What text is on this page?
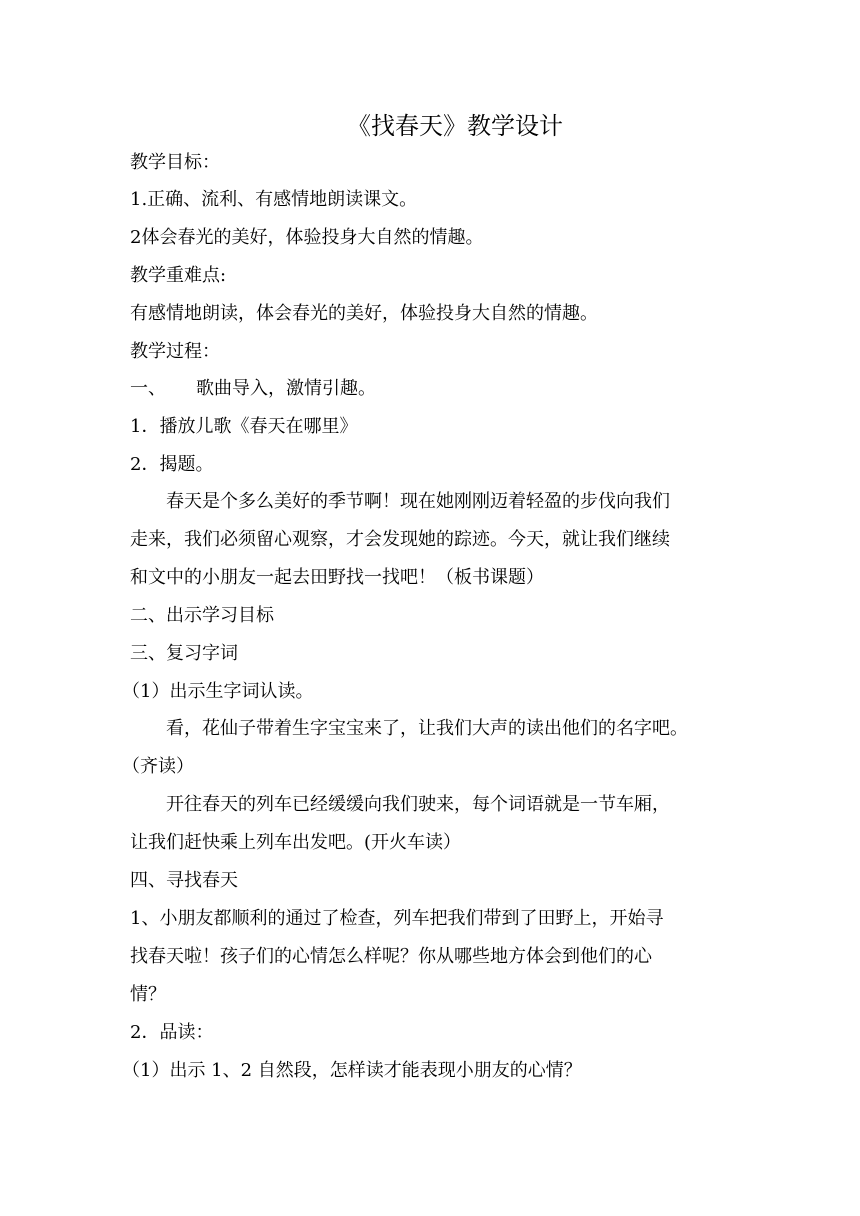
《找春天》教学设计
教学目标：
1.正确、流利、有感情地朗读课文。
2体会春光的美好，体验投身大自然的情趣。
教学重难点:
有感情地朗读，体会春光的美好，体验投身大自然的情趣。
教学过程：
一、 歌曲导入，激情引趣。
1．播放儿歌《春天在哪里》
2．揭题。
春天是个多么美好的季节啊！现在她刚刚迈着轻盈的步伐向我们
走来，我们必须留心观察，才会发现她的踪迹。今天，就让我们继续
和文中的小朋友一起去田野找一找吧！（板书课题）
二、出示学习目标
三、复习字词
（1）出示生字词认读。
看，花仙子带着生字宝宝来了，让我们大声的读出他们的名字吧。
（齐读）
开往春天的列车已经缓缓向我们驶来，每个词语就是一节车厢，
让我们赶快乘上列车出发吧。(开火车读）
四、寻找春天
1、小朋友都顺利的通过了检查，列车把我们带到了田野上，开始寻
找春天啦！孩子们的心情怎么样呢？你从哪些地方体会到他们的心
情？
2．品读：
（1）出示 1、2 自然段，怎样读才能表现小朋友的心情？
